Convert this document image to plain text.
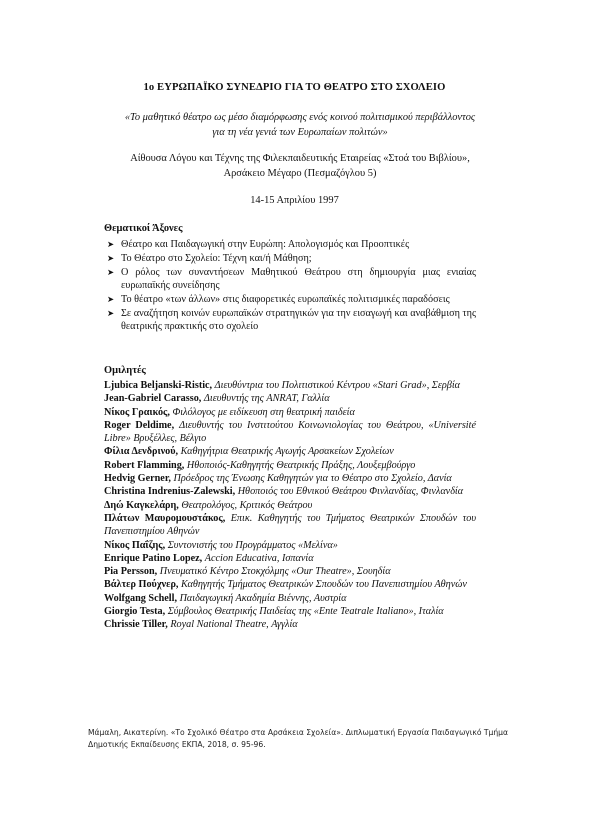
1ο ΕΥΡΩΠΑΪΚΟ ΣΥΝΕΔΡΙΟ ΓΙΑ ΤΟ ΘΕΑΤΡΟ ΣΤΟ ΣΧΟΛΕΙΟ
«Το μαθητικό θέατρο ως μέσο διαμόρφωσης ενός κοινού πολιτισμικού περιβάλλοντος
για τη νέα γενιά των Ευρωπαίων πολιτών»
Αίθουσα Λόγου και Τέχνης της Φιλεκπαιδευτικής Εταιρείας «Στοά του Βιβλίου»,
Αρσάκειο Μέγαρο (Πεσμαζόγλου 5)
14-15 Απριλίου 1997
Θεματικοί Άξονες
➤ Θέατρο και Παιδαγωγική στην Ευρώπη: Απολογισμός και Προοπτικές
➤ Το Θέατρο στο Σχολείο: Τέχνη και/ή Μάθηση;
➤ Ο ρόλος των συναντήσεων Μαθητικού Θεάτρου στη δημιουργία μιας ενιαίας ευρωπαϊκής συνείδησης
➤ Το θέατρο «των άλλων» στις διαφορετικές ευρωπαϊκές πολιτισμικές παραδόσεις
➤ Σε αναζήτηση κοινών ευρωπαϊκών στρατηγικών για την εισαγωγή και αναβάθμιση της θεατρικής πρακτικής στο σχολείο
Ομιλητές
Ljubica Beljanski-Ristic, Διευθύντρια του Πολιτιστικού Κέντρου «Stari Grad», Σερβία
Jean-Gabriel Carasso, Διευθυντής της ANRAT, Γαλλία
Νίκος Γραικός, Φιλόλογος με ειδίκευση στη θεατρική παιδεία
Roger Deldime, Διευθυντής του Ινστιτούτου Κοινωνιολογίας του Θεάτρου, «Université Libre» Βρυξέλλες, Βέλγιο
Φίλια Δενδρινού, Καθηγήτρια Θεατρικής Αγωγής Αρσακείων Σχολείων
Robert Flamming, Ηθοποιός-Καθηγητής Θεατρικής Πράξης, Λουξεμβούργο
Hedvig Gerner, Πρόεδρος της Ένωσης Καθηγητών για το Θέατρο στο Σχολείο, Δανία
Christina Indrenius-Zalewski, Ηθοποιός του Εθνικού Θεάτρου Φινλανδίας, Φινλανδία
Δηώ Καγκελάρη, Θεατρολόγος, Κριτικός Θεάτρου
Πλάτων Μαυρομουστάκος, Επικ. Καθηγητής του Τμήματος Θεατρικών Σπουδών του Πανεπιστημίου Αθηνών
Νίκος Παΐζης, Συντονιστής του Προγράμματος «Μελίνα»
Enrique Patino Lopez, Accion Educativa, Ισπανία
Pia Persson, Πνευματικό Κέντρο Στοκχόλμης «Our Theatre», Σουηδία
Βάλτερ Πούχνερ, Καθηγητής Τμήματος Θεατρικών Σπουδών του Πανεπιστημίου Αθηνών
Wolfgang Schell, Παιδαγωγική Ακαδημία Βιέννης, Αυστρία
Giorgio Testa, Σύμβουλος Θεατρικής Παιδείας της «Ente Teatrale Italiano», Ιταλία
Chrissie Tiller, Royal National Theatre, Αγγλία
Μάμαλη, Αικατερίνη. «Το Σχολικό Θέατρο στα Αρσάκεια Σχολεία». Διπλωματική Εργασία Παιδαγωγικό Τμήμα
Δημοτικής Εκπαίδευσης ΕΚΠΑ, 2018, σ. 95-96.
